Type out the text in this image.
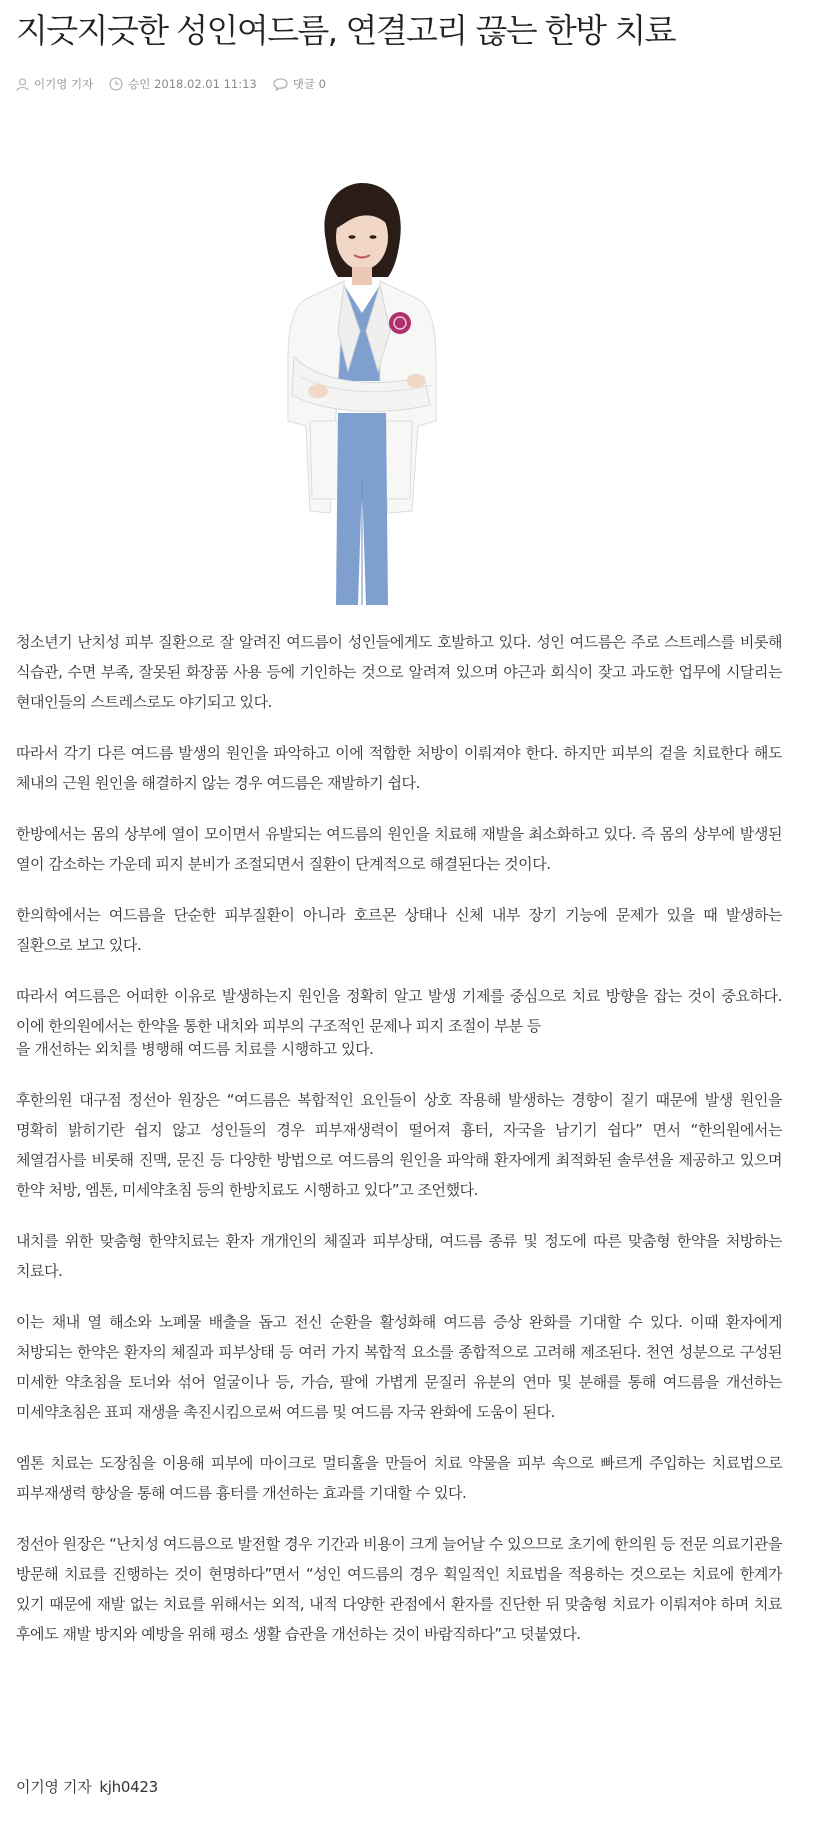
지긋지긋한 성인여드름, 연결고리 끊는 한방 치료
이기영 기자	승인
2018.02.01 11:13	댓글 0

청소년기 난치성 피부 질환으로 잘 알려진 여드름이 성인들에게도 호발하고 있다. 성인 여드름은 주로 스트레스를 비롯해 식습관, 수면 부족, 잘못된 화장품 사용 등에 기인하는 것으로 알려져 있으며 야근과 회식이 잦고 과도한 업무에 시달리는 현대인들의 스트레스로도 야기되고 있다.

따라서 각기 다른 여드름 발생의 원인을 파악하고 이에 적합한 처방이 이뤄져야 한다. 하지만 피부의 겉을 치료한다 해도 체내의 근원 원인을 해결하지 않는 경우 여드름은 재발하기 쉽다.

한방에서는 몸의 상부에 열이 모이면서 유발되는 여드름의 원인을 치료해 재발을 최소화하고 있다. 즉 몸의 상부에 발생된 열이 감소하는 가운데 피지 분비가 조절되면서 질환이 단계적으로 해결된다는 것이다.

한의학에서는 여드름을 단순한 피부질환이 아니라 호르몬 상태나 신체 내부 장기 기능에 문제가 있을 때 발생하는 질환으로 보고 있다.

따라서 여드름은 어떠한 이유로 발생하는지 원인을 정확히 알고 발생 기제를 중심으로 치료 방향을 잡는 것이 중요하다. 이에 한의원에서는 한약을 통한 내치와 피부의 구조적인 문제나 피지 조절이 부분 등

을 개선하는 외치를 병행해 여드름 치료를 시행하고 있다.

후한의원 대구점 정선아 원장은 “여드름은 복합적인 요인들이 상호 작용해 발생하는 경향이 짙기 때문에 발생 원인을 명확히 밝히기란 쉽지 않고 성인들의 경우 피부재생력이 떨어져 흉터, 자국을 남기기 쉽다” 면서 “한의원에서는 체열검사를 비롯해 진맥, 문진 등 다양한 방법으로 여드름의 원인을 파악해 환자에게 최적화된 솔루션을 제공하고 있으며 한약 처방, 엠톤, 미세약초침 등의 한방치료도 시행하고 있다”고 조언했다.

내치를 위한 맞춤형 한약치료는 환자 개개인의 체질과 피부상태, 여드름 종류 및 정도에 따른 맞춤형 한약을 처방하는 치료다.

이는 채내 열 해소와 노폐물 배출을 돕고 전신 순환을 활성화해 여드름 증상 완화를 기대할 수 있다. 이때 환자에게 처방되는 한약은 환자의 체질과 피부상태 등 여러 가지 복합적 요소를 종합적으로 고려해 제조된다. 천연 성분으로 구성된 미세한 약초침을 토너와 섞어 얼굴이나 등, 가슴, 팔에 가볍게 문질러 유분의 연마 및 분해를 통해 여드름을 개선하는 미세약초침은 표피 재생을 촉진시킴으로써 여드름 및 여드름 자국 완화에 도움이 된다.

엠톤 치료는 도장침을 이용해 피부에 마이크로 멀티홀을 만들어 치료 약물을 피부 속으로 빠르게 주입하는 치료법으로 피부재생력 향상을 통해 여드름 흉터를 개선하는 효과를 기대할 수 있다.

정선아 원장은 “난치성 여드름으로 발전할 경우 기간과 비용이 크게 늘어날 수 있으므로 초기에 한의원 등 전문 의료기관을 방문해 치료를 진행하는 것이 현명하다”면서 “성인 여드름의 경우 획일적인 치료법을 적용하는 것으로는 치료에 한계가 있기 때문에 재발 없는 치료를 위해서는 외적, 내적 다양한 관점에서 환자를 진단한 뒤 맞춤형 치료가 이뤄져야 하며 치료 후에도 재발 방지와 예방을 위해 평소 생활 습관을 개선하는 것이 바람직하다”고 덧붙였다.

이기영 기자 kjh0423
